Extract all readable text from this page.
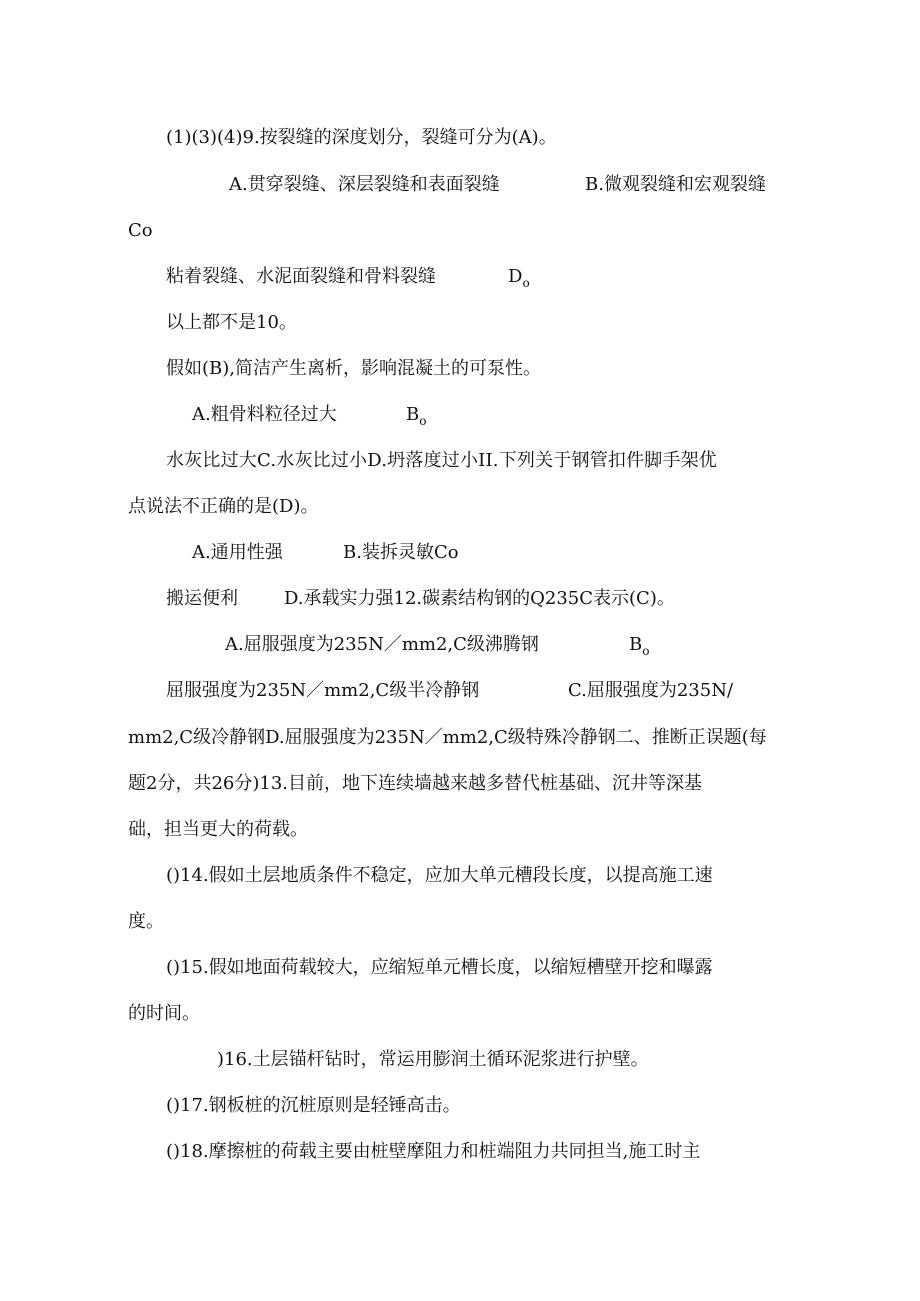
(1)(3)(4)9.按裂缝的深度划分，裂缝可分为(A)。
A.贯穿裂缝、深层裂缝和表面裂缝	B.微观裂缝和宏观裂缝
Co
粘着裂缝、水泥面裂缝和骨料裂缝	$D_o$
以上都不是10。
假如(B),简洁产生离析，影响混凝土的可泵性。
A.粗骨料粒径过大	$B_o$
水灰比过大C.水灰比过小D.坍落度过小II.下列关于钢管扣件脚手架优
点说法不正确的是(D)。
A.通用性强	B.装拆灵敏Co
搬运便利	D.承载实力强12.碳素结构钢的Q235C表示(C)。
A.屈服强度为235N／mm2,C级沸腾钢	$B_o$
屈服强度为235N／mm2,C级半冷静钢	C.屈服强度为235N/
mm2,C级冷静钢D.屈服强度为235N／mm2,C级特殊冷静钢二、推断正误题(每
题2分，共26分)13.目前，地下连续墙越来越多替代桩基础、沉井等深基
础，担当更大的荷载。
()14.假如土层地质条件不稳定，应加大单元槽段长度，以提高施工速
度。
()15.假如地面荷载较大，应缩短单元槽长度，以缩短槽壁开挖和曝露
的时间。
)16.土层锚杆钻时，常运用膨润土循环泥浆进行护壁。
()17.钢板桩的沉桩原则是轻锤高击。
()18.摩擦桩的荷载主要由桩壁摩阻力和桩端阻力共同担当,施工时主
